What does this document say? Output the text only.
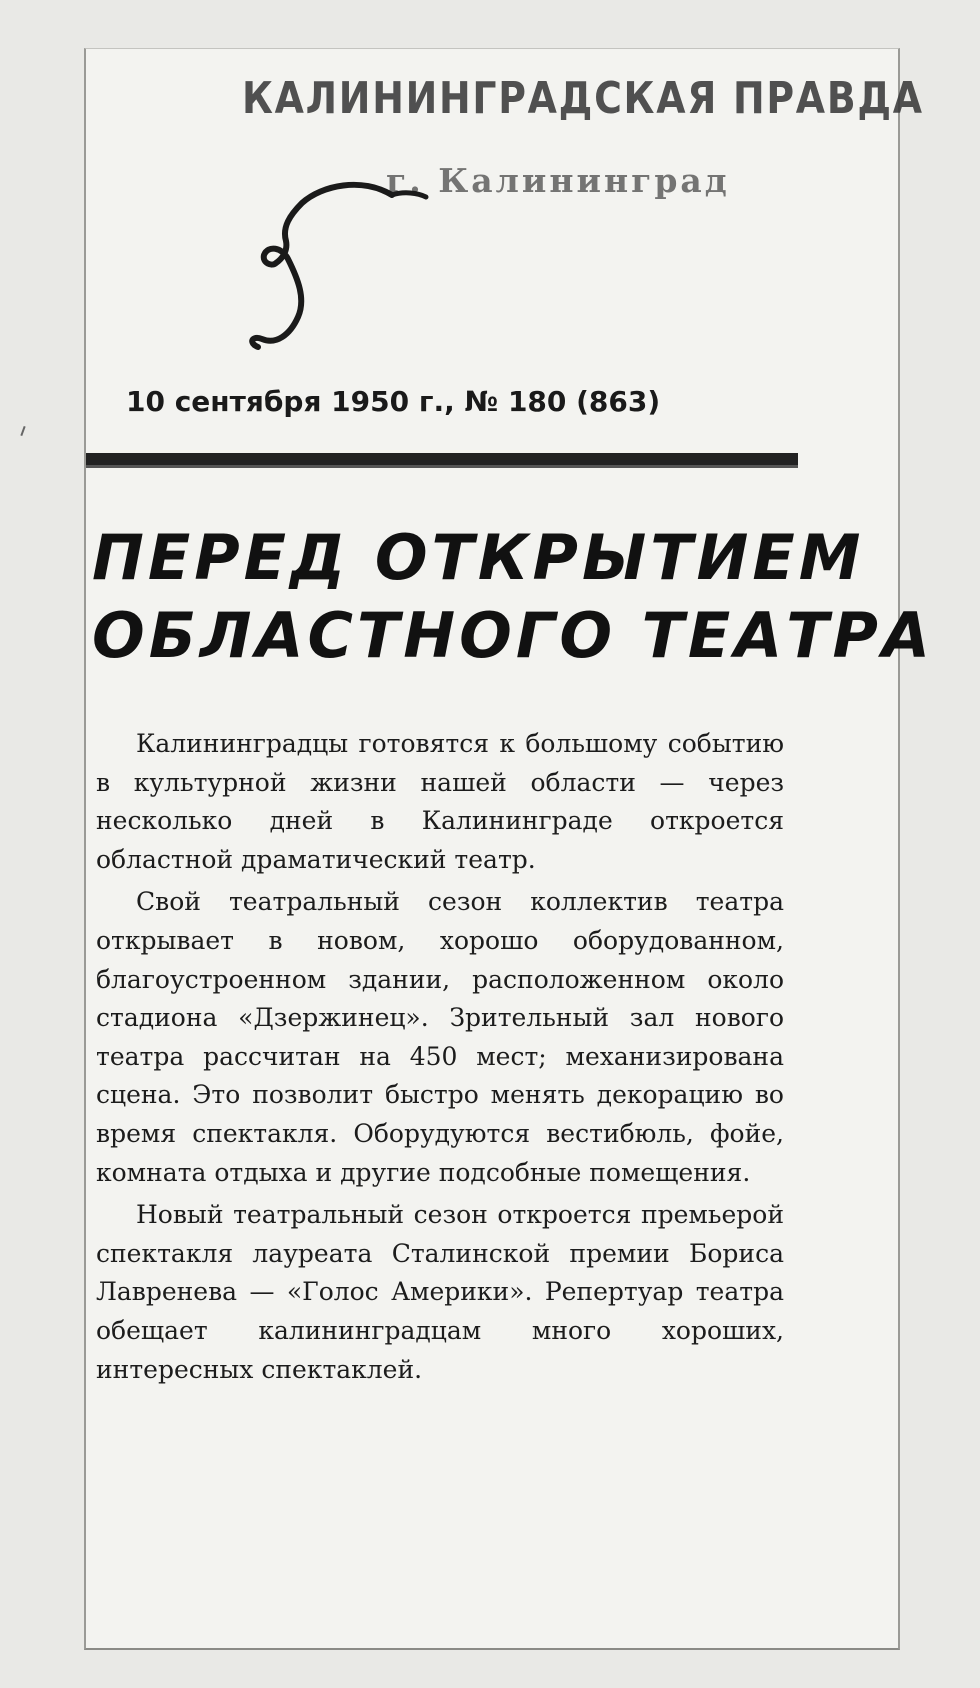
КАЛИНИНГРАДСКАЯ ПРАВДА
г. Калининград
10 сентября 1950 г., № 180 (863)
ПЕРЕД ОТКРЫТИЕМ
ОБЛАСТНОГО ТЕАТРА

Калининградцы готовятся к большому событию в культурной жизни нашей области — через несколько дней в Калининграде откроется областной драматический театр.

Свой театральный сезон коллектив театра открывает в новом, хорошо оборудованном, благоустроенном здании, расположенном около стадиона «Дзержинец». Зрительный зал нового театра рассчитан на 450 мест; механизирована сцена. Это позволит быстро менять декорацию во время спектакля. Оборудуются вестибюль, фойе, комната отдыха и другие подсобные помещения.

Новый театральный сезон откроется премьерой спектакля лауреата Сталинской премии Бориса Лавренева — «Голос Америки». Репертуар театра обещает калининградцам много хороших, интересных спектаклей.
